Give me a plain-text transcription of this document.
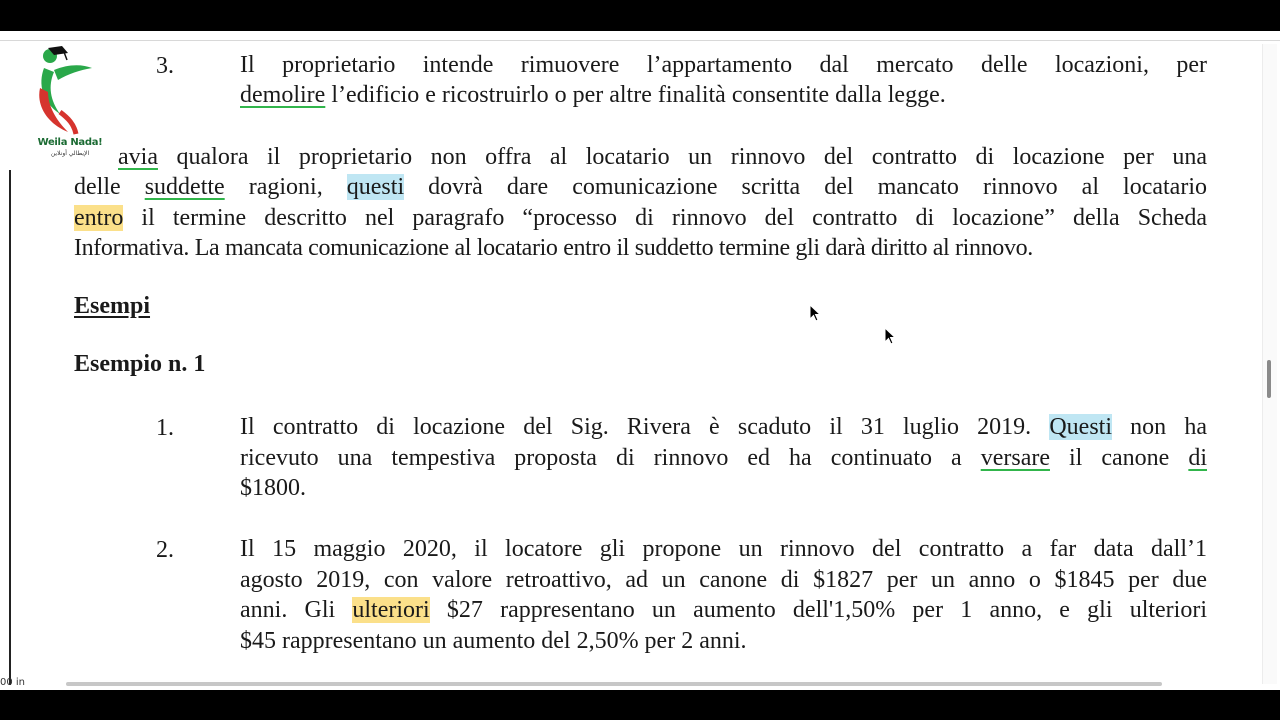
Weila Nada!
الإيطالي أونلاين
3.	Il proprietario intende rimuovere l’appartamento dal mercato delle locazioni, per
demolire l’edificio e ricostruirlo o per altre finalità consentite dalla legge.
avia qualora il proprietario non offra al locatario un rinnovo del contratto di locazione per una
delle suddette ragioni, questi dovrà dare comunicazione scritta del mancato rinnovo al locatario
entro il termine descritto nel paragrafo “processo di rinnovo del contratto di locazione” della Scheda
Informativa. La mancata comunicazione al locatario entro il suddetto termine gli darà diritto al rinnovo.
Esempi
Esempio n. 1
1.	Il contratto di locazione del Sig. Rivera è scaduto il 31 luglio 2019. Questi non ha
ricevuto una tempestiva proposta di rinnovo ed ha continuato a versare il canone di
$1800.
2.	Il 15 maggio 2020, il locatore gli propone un rinnovo del contratto a far data dall’1
agosto 2019, con valore retroattivo, ad un canone di $1827 per un anno o $1845 per due
anni. Gli ulteriori $27 rappresentano un aumento dell'1,50% per 1 anno, e gli ulteriori
$45 rappresentano un aumento del 2,50% per 2 anni.
00 in
